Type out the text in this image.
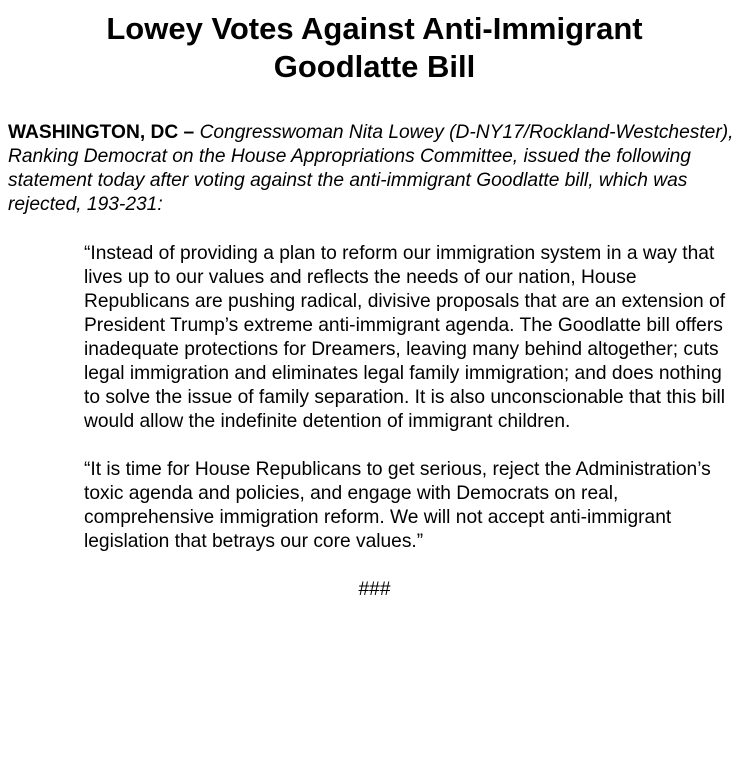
Lowey Votes Against Anti-Immigrant Goodlatte Bill

WASHINGTON, DC – Congresswoman Nita Lowey (D-NY17/Rockland-Westchester), Ranking Democrat on the House Appropriations Committee, issued the following statement today after voting against the anti-immigrant Goodlatte bill, which was rejected, 193-231:

“Instead of providing a plan to reform our immigration system in a way that lives up to our values and reflects the needs of our nation, House Republicans are pushing radical, divisive proposals that are an extension of President Trump’s extreme anti-immigrant agenda. The Goodlatte bill offers inadequate protections for Dreamers, leaving many behind altogether; cuts legal immigration and eliminates legal family immigration; and does nothing to solve the issue of family separation. It is also unconscionable that this bill would allow the indefinite detention of immigrant children.

“It is time for House Republicans to get serious, reject the Administration’s toxic agenda and policies, and engage with Democrats on real, comprehensive immigration reform. We will not accept anti-immigrant legislation that betrays our core values.”

###
